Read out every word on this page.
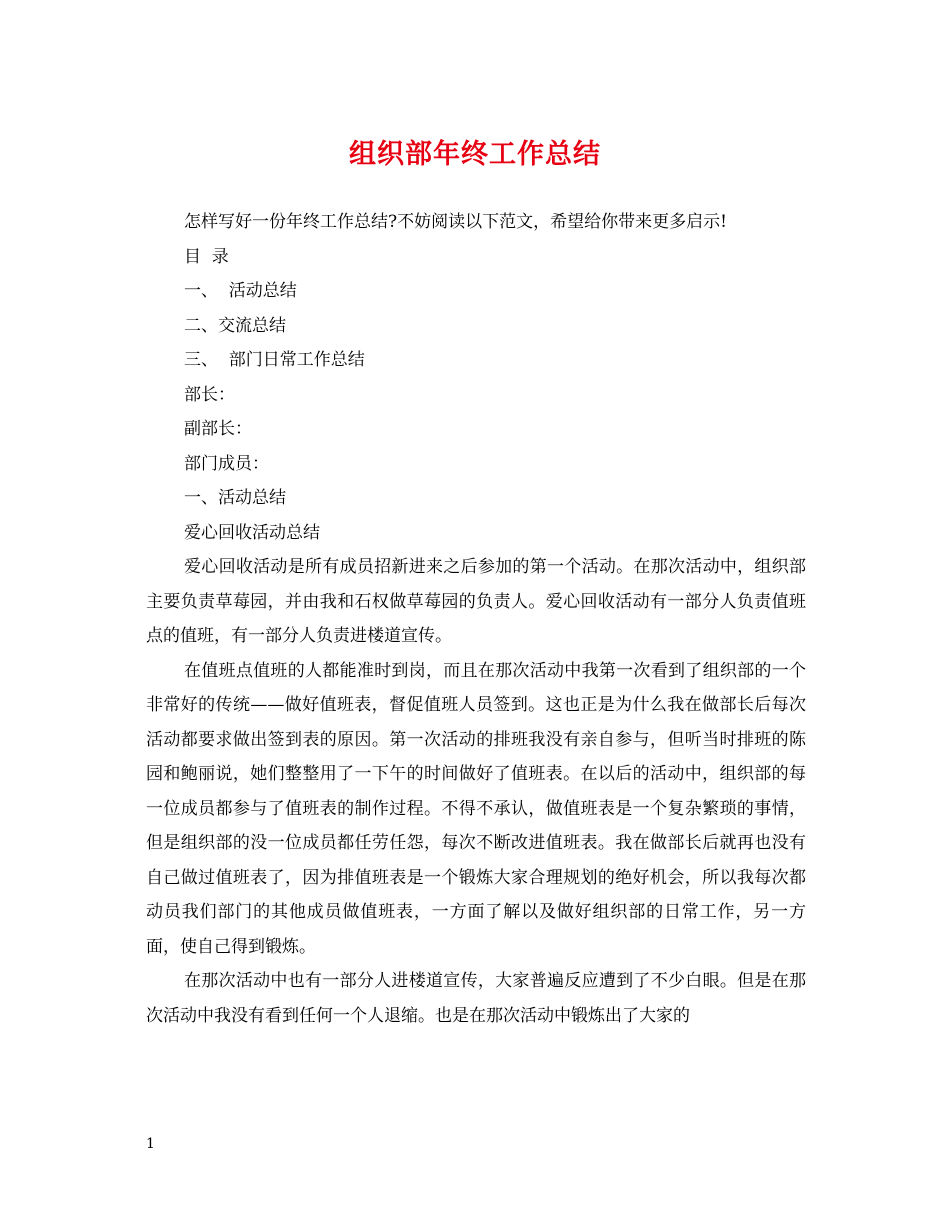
组织部年终工作总结

怎样写好一份年终工作总结?不妨阅读以下范文，希望给你带来更多启示!

目  录

一、  活动总结

二、交流总结

三、  部门日常工作总结

部长：

副部长：

部门成员：

一、活动总结

爱心回收活动总结

爱心回收活动是所有成员招新进来之后参加的第一个活动。在那次活动中，组织部主要负责草莓园，并由我和石权做草莓园的负责人。爱心回收活动有一部分人负责值班点的值班，有一部分人负责进楼道宣传。

在值班点值班的人都能准时到岗，而且在那次活动中我第一次看到了组织部的一个非常好的传统——做好值班表，督促值班人员签到。这也正是为什么我在做部长后每次活动都要求做出签到表的原因。第一次活动的排班我没有亲自参与，但听当时排班的陈园和鲍丽说，她们整整用了一下午的时间做好了值班表。在以后的活动中，组织部的每一位成员都参与了值班表的制作过程。不得不承认，做值班表是一个复杂繁琐的事情，但是组织部的没一位成员都任劳任怨，每次不断改进值班表。我在做部长后就再也没有自己做过值班表了，因为排值班表是一个锻炼大家合理规划的绝好机会，所以我每次都动员我们部门的其他成员做值班表，一方面了解以及做好组织部的日常工作，另一方面，使自己得到锻炼。

在那次活动中也有一部分人进楼道宣传，大家普遍反应遭到了不少白眼。但是在那次活动中我没有看到任何一个人退缩。也是在那次活动中锻炼出了大家的

1
